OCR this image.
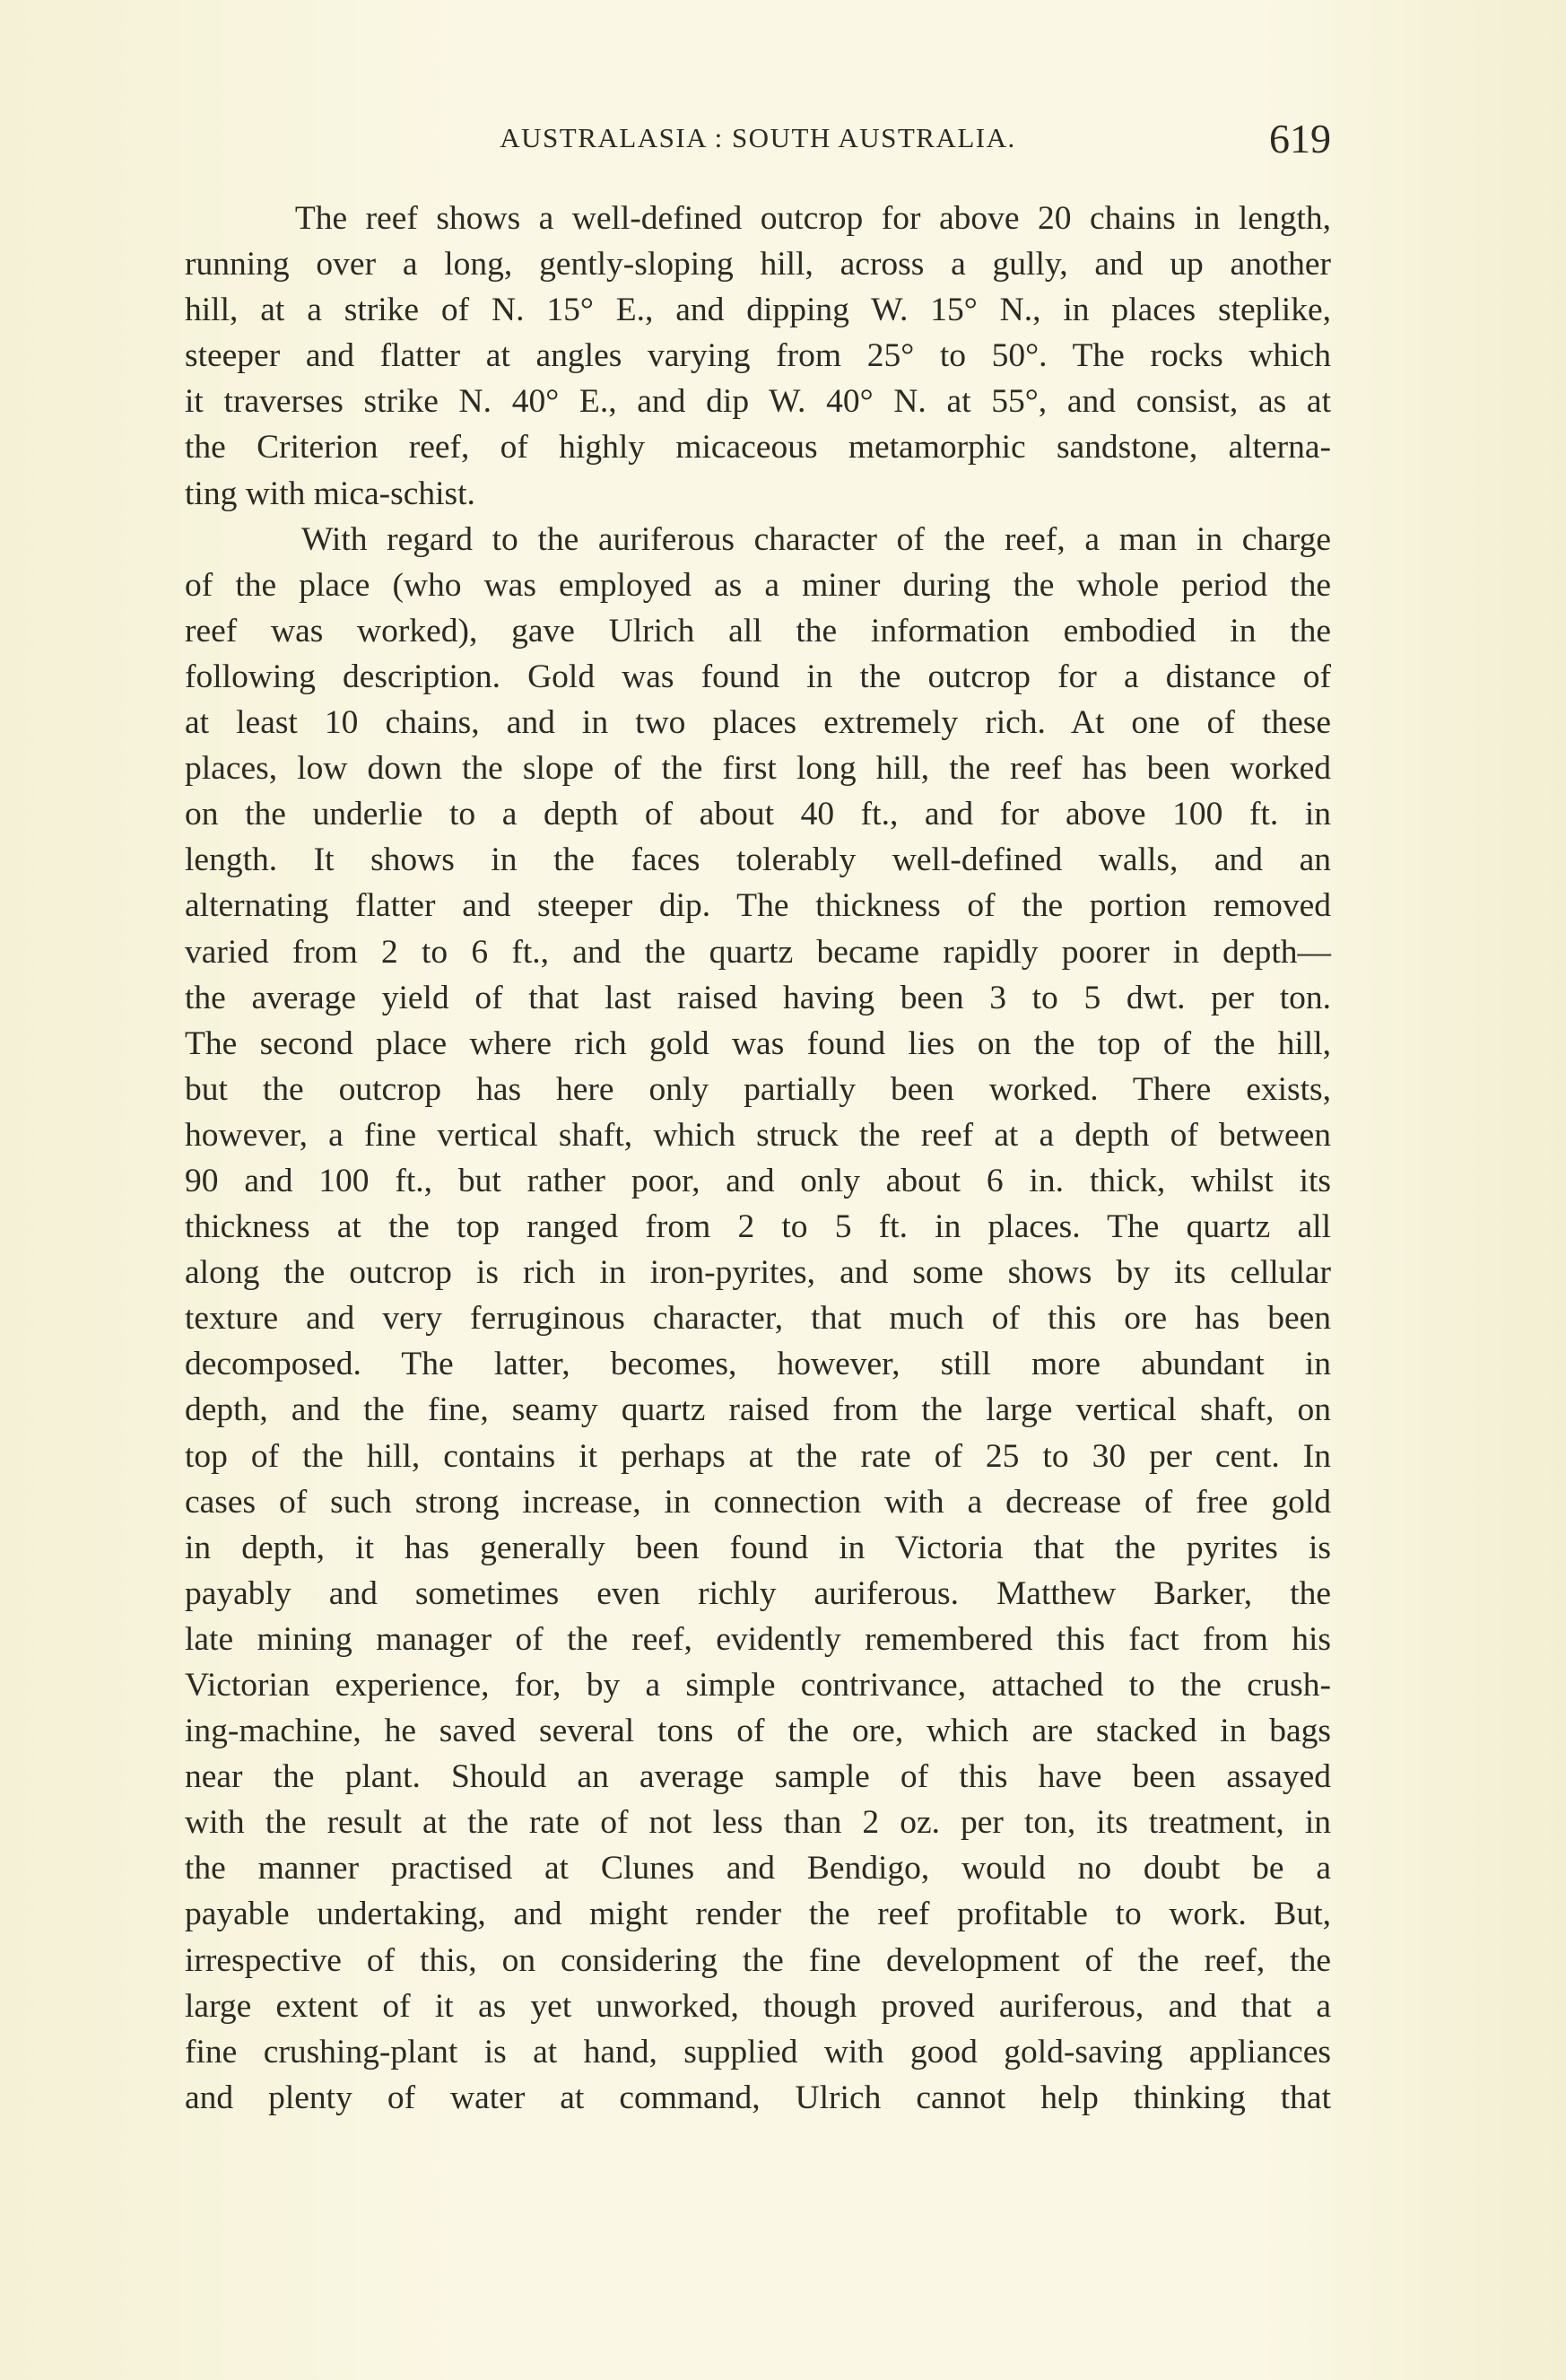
AUSTRALASIA : SOUTH AUSTRALIA.	619

The reef shows a well-defined outcrop for above 20 chains in length,
running over a long, gently-sloping hill, across a gully, and up another
hill, at a strike of N. 15° E., and dipping W. 15° N., in places steplike,
steeper and flatter at angles varying from 25° to 50°. The rocks which
it traverses strike N. 40° E., and dip W. 40° N. at 55°, and consist, as at
the Criterion reef, of highly micaceous metamorphic sandstone, alterna-
ting with mica-schist.

With regard to the auriferous character of the reef, a man in charge
of the place (who was employed as a miner during the whole period the
reef was worked), gave Ulrich all the information embodied in the
following description. Gold was found in the outcrop for a distance of
at least 10 chains, and in two places extremely rich. At one of these
places, low down the slope of the first long hill, the reef has been worked
on the underlie to a depth of about 40 ft., and for above 100 ft. in
length. It shows in the faces tolerably well-defined walls, and an
alternating flatter and steeper dip. The thickness of the portion removed
varied from 2 to 6 ft., and the quartz became rapidly poorer in depth—
the average yield of that last raised having been 3 to 5 dwt. per ton.
The second place where rich gold was found lies on the top of the hill,
but the outcrop has here only partially been worked. There exists,
however, a fine vertical shaft, which struck the reef at a depth of between
90 and 100 ft., but rather poor, and only about 6 in. thick, whilst its
thickness at the top ranged from 2 to 5 ft. in places. The quartz all
along the outcrop is rich in iron-pyrites, and some shows by its cellular
texture and very ferruginous character, that much of this ore has been
decomposed. The latter, becomes, however, still more abundant in
depth, and the fine, seamy quartz raised from the large vertical shaft, on
top of the hill, contains it perhaps at the rate of 25 to 30 per cent. In
cases of such strong increase, in connection with a decrease of free gold
in depth, it has generally been found in Victoria that the pyrites is
payably and sometimes even richly auriferous. Matthew Barker, the
late mining manager of the reef, evidently remembered this fact from his
Victorian experience, for, by a simple contrivance, attached to the crush-
ing-machine, he saved several tons of the ore, which are stacked in bags
near the plant. Should an average sample of this have been assayed
with the result at the rate of not less than 2 oz. per ton, its treatment, in
the manner practised at Clunes and Bendigo, would no doubt be a
payable undertaking, and might render the reef profitable to work. But,
irrespective of this, on considering the fine development of the reef, the
large extent of it as yet unworked, though proved auriferous, and that a
fine crushing-plant is at hand, supplied with good gold-saving appliances
and plenty of water at command, Ulrich cannot help thinking that
